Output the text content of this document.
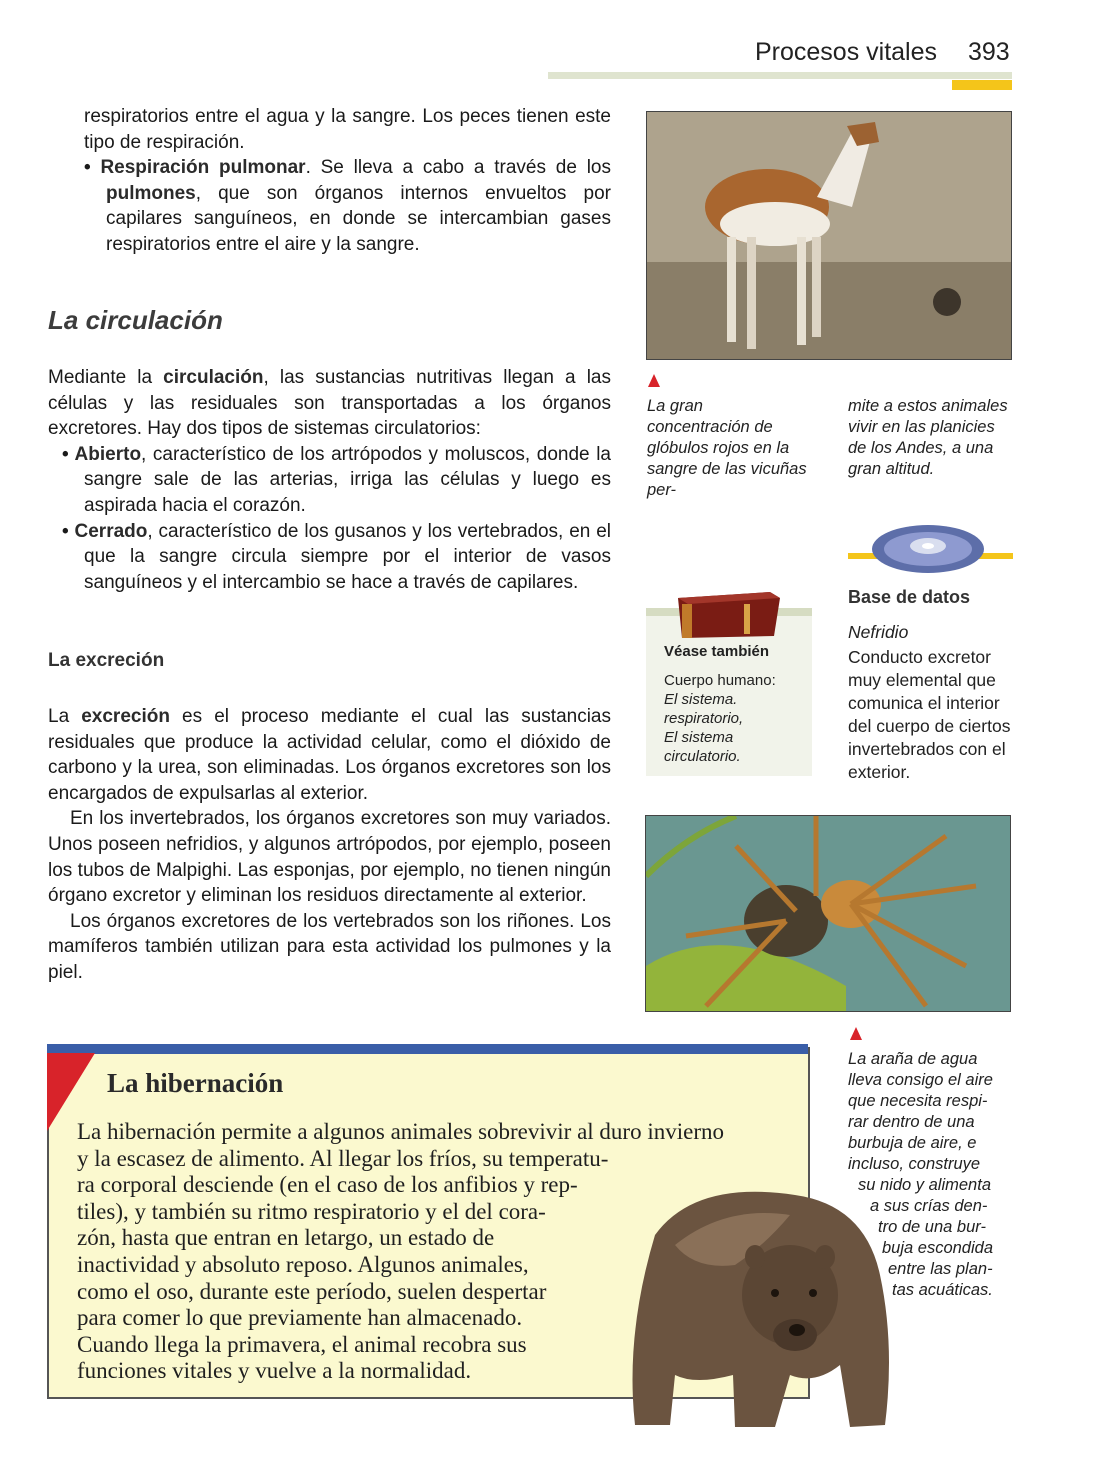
Procesos vitales 393

respiratorios entre el agua y la sangre. Los peces tienen este tipo de respiración.

• Respiración pulmonar. Se lleva a cabo a través de los pulmones, que son órganos internos envueltos por capilares sanguíneos, en donde se intercambian gases respiratorios entre el aire y la sangre.

La circulación

Mediante la circulación, las sustancias nutritivas llegan a las células y las residuales son transportadas a los órganos excretores. Hay dos tipos de sistemas circulatorios:

• Abierto, característico de los artrópodos y moluscos, donde la sangre sale de las arterias, irriga las células y luego es aspirada hacia el corazón.

• Cerrado, característico de los gusanos y los vertebrados, en el que la sangre circula siempre por el interior de vasos sanguíneos y el intercambio se hace a través de capilares.

La excreción

La excreción es el proceso mediante el cual las sustancias residuales que produce la actividad celular, como el dióxido de carbono y la urea, son eliminadas. Los órganos excretores son los encargados de expulsarlas al exterior.

En los invertebrados, los órganos excretores son muy variados. Unos poseen nefridios, y algunos artrópodos, por ejemplo, poseen los tubos de Malpighi. Las esponjas, por ejemplo, no tienen ningún órgano excretor y eliminan los residuos directamente al exterior.

Los órganos excretores de los vertebrados son los riñones. Los mamíferos también utilizan para esta actividad los pulmones y la piel.

La gran concentración de glóbulos rojos en la sangre de las vicuñas per-
mite a estos animales vivir en las planicies de los Andes, a una gran altitud.
Base de datos
Nefridio
Conducto excretor muy elemental que comunica el interior del cuerpo de ciertos invertebrados con el exterior.
Véase también
Cuerpo humano:
El sistema.
respiratorio,
El sistema
circulatorio.
La araña de agua
lleva consigo el aire
que necesita respi-
rar dentro de una
burbuja de aire, e
incluso, construye
su nido y alimenta
a sus crías den-
tro de una bur-
buja escondida
entre las plan-
tas acuáticas.
La hibernación
La hibernación permite a algunos animales sobrevivir al duro invierno
y la escasez de alimento. Al llegar los fríos, su temperatu-
ra corporal desciende (en el caso de los anfibios y rep-
tiles), y también su ritmo respiratorio y el del cora-
zón, hasta que entran en letargo, un estado de
inactividad y absoluto reposo. Algunos animales,
como el oso, durante este período, suelen despertar
para comer lo que previamente han almacenado.
Cuando llega la primavera, el animal recobra sus
funciones vitales y vuelve a la normalidad.
